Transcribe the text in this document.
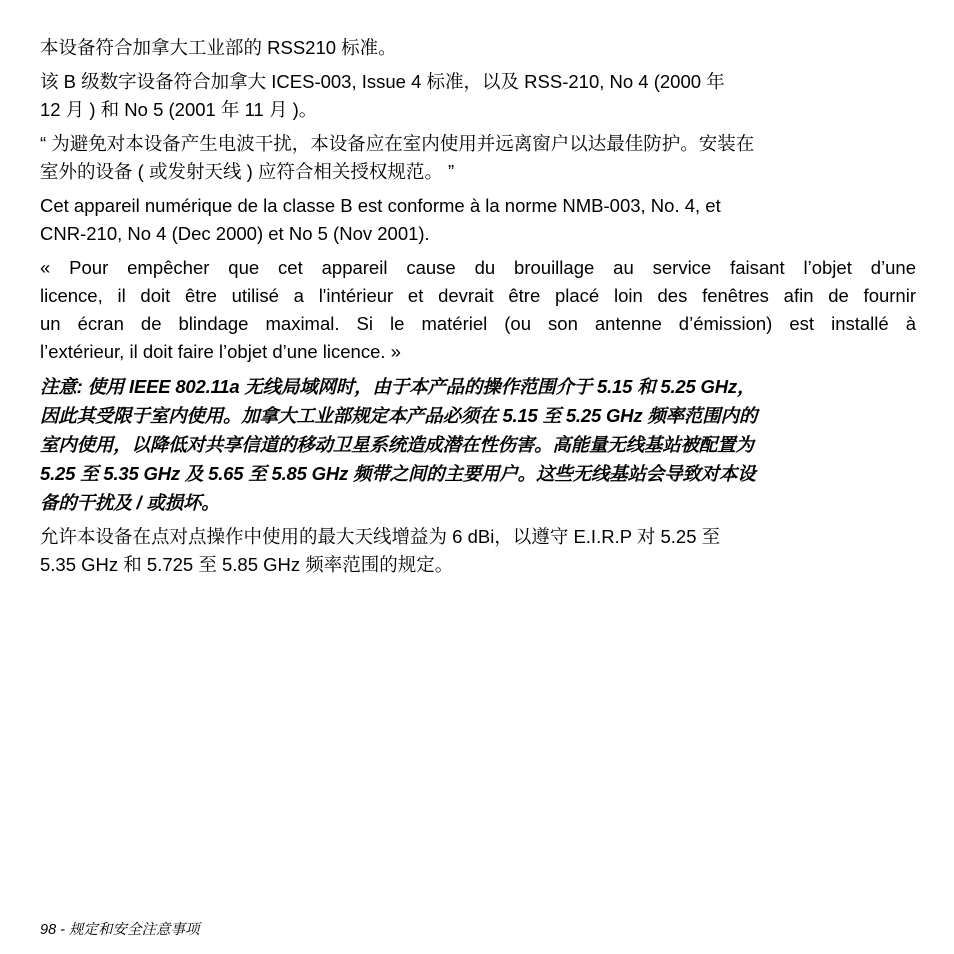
本设备符合加拿大工业部的 RSS210 标准。

该 B 级数字设备符合加拿大 ICES-003, Issue 4 标准，以及 RSS-210, No 4 (2000 年
12 月 ) 和 No 5 (2001 年 11 月 )。

“ 为避免对本设备产生电波干扰，本设备应在室内使用并远离窗户以达最佳防护。安装在
室外的设备 ( 或发射天线 ) 应符合相关授权规范。 ”

Cet appareil numérique de la classe B est conforme à la norme NMB-003, No. 4, et
CNR-210, No 4 (Dec 2000) et No 5 (Nov 2001).

« Pour empêcher que cet appareil cause du brouillage au service faisant l’objet d’une
licence, il doit être utilisé a l'intérieur et devrait être placé loin des fenêtres afin de fournir
un écran de blindage maximal. Si le matériel (ou son antenne d’émission) est installé à
l’extérieur, il doit faire l’objet d’une licence. »

注意: 使用 IEEE 802.11a 无线局域网时，由于本产品的操作范围介于 5.15 和 5.25 GHz，
因此其受限于室内使用。加拿大工业部规定本产品必须在 5.15 至 5.25 GHz 频率范围内的
室内使用，以降低对共享信道的移动卫星系统造成潜在性伤害。高能量无线基站被配置为
5.25 至 5.35 GHz 及 5.65 至 5.85 GHz 频带之间的主要用户。这些无线基站会导致对本设
备的干扰及 / 或损坏。

允许本设备在点对点操作中使用的最大天线增益为 6 dBi，以遵守 E.I.R.P 对 5.25 至
5.35 GHz 和 5.725 至 5.85 GHz 频率范围的规定。

98 - 规定和安全注意事项
